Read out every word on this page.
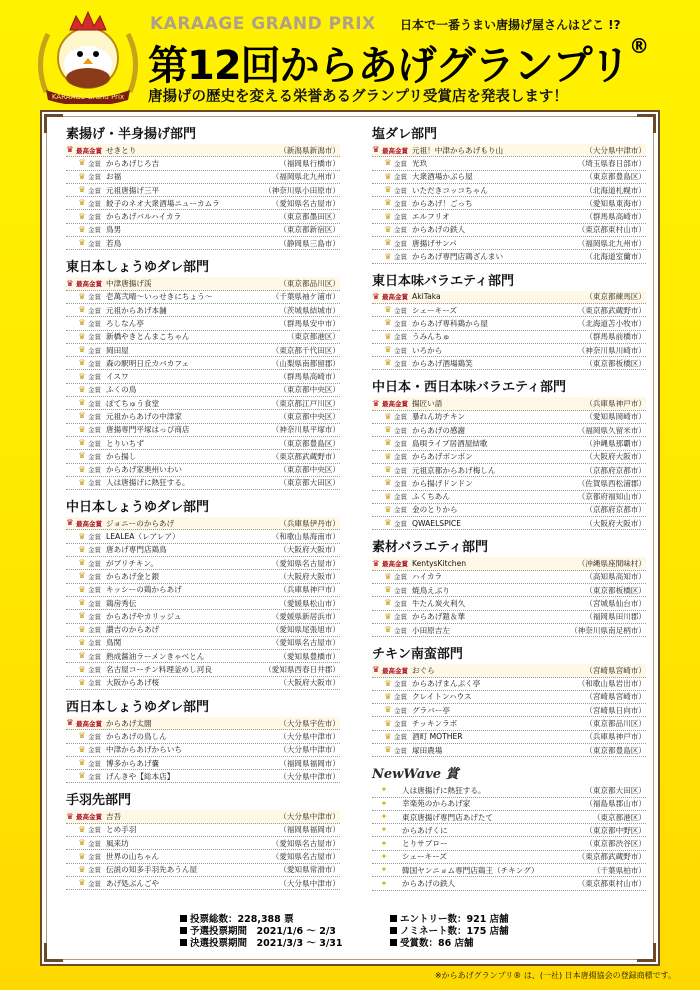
KARAAGE Grand Prix
KARAAGE GRAND PRIX 日本で一番うまい唐揚げ屋さんはどこ !?
第12回からあげグランプリ®
唐揚げの歴史を変える栄誉あるグランプリ受賞店を発表します！
素揚げ・半身揚げ部門
♛ 最高金賞 せきとり	（新潟県新潟市）
♛ 金賞 からあげじろ吉	（福岡県行橋市）
♛ 金賞 お福	（福岡県北九州市）
♛ 金賞 元祖唐揚げ三平	（神奈川県小田原市）
♛ 金賞 餃子のネオ大衆酒場ニューカムラ	（愛知県名古屋市）
♛ 金賞 からあげバルハイカラ	（東京都墨田区）
♛ 金賞 鳥男	（東京都新宿区）
♛ 金賞 若鳥	（静岡県三島市）
東日本しょうゆダレ部門
♛ 最高金賞 中津唐揚げ渓	（東京都品川区）
♛ 金賞 壱萬弐晴～いっせきにちょう～	（千葉県袖ケ浦市）
♛ 金賞 元祖からあげ本舗	（茨城県結城市）
♛ 金賞 ろしなん亭	（群馬県安中市）
♛ 金賞 新橋やきとんまこちゃん	（東京都港区）
♛ 金賞 岡田屋	（東京都千代田区）
♛ 金賞 森の駅明日丘カバカフェ	（山梨県南都留郡）
♛ 金賞 イスワ	（群馬県高崎市）
♛ 金賞 ふくの鳥	（東京都中央区）
♛ 金賞 ぽてちゅう食堂	（東京都江戸川区）
♛ 金賞 元祖からあげの中津家	（東京都中央区）
♛ 金賞 唐揚専門平塚はっぴ商店	（神奈川県平塚市）
♛ 金賞 とりいちず	（東京都豊島区）
♛ 金賞 から揚し	（東京都武蔵野市）
♛ 金賞 からあげ家奥州いわい	（東京都中央区）
♛ 金賞 人は唐揚げに熱狂する。	（東京都大田区）
中日本しょうゆダレ部門
♛ 最高金賞 ジョニーのからあげ	（兵庫県伊丹市）
♛ 金賞 LEALEA（レアレア）	（和歌山県海南市）
♛ 金賞 唐あげ専門店鶏鳥	（大阪府大阪市）
♛ 金賞 がブリチキン。	（愛知県名古屋市）
♛ 金賞 からあげ金と銀	（大阪府大阪市）
♛ 金賞 キッシーの鶏からあげ	（兵庫県神戸市）
♛ 金賞 鶏房秀伝	（愛媛県松山市）
♛ 金賞 からあげやカリッジュ	（愛媛県新居浜市）
♛ 金賞 讃吉のからあげ	（愛知県尾張旭市）
♛ 金賞 鳥関	（愛知県名古屋市）
♛ 金賞 熟成醤油ラーメンきゃべとん	（愛知県豊橋市）
♛ 金賞 名古屋コーチン料理釜めし河良	（愛知県西春日井郡）
♛ 金賞 大阪からあげ桜	（大阪府大阪市）
西日本しょうゆダレ部門
♛ 最高金賞 からあげ太閤	（大分県宇佐市）
♛ 金賞 からあげの鳥しん	（大分県中津市）
♛ 金賞 中津からあげからいち	（大分県中津市）
♛ 金賞 博多からあげ嚢	（福岡県福岡市）
♛ 金賞 げんきや【総本店】	（大分県中津市）
手羽先部門
♛ 最高金賞 吉吾	（大分県中津市）
♛ 金賞 とめ手羽	（福岡県福岡市）
♛ 金賞 風来坊	（愛知県名古屋市）
♛ 金賞 世界の山ちゃん	（愛知県名古屋市）
♛ 金賞 伝説の知多手羽先あうん屋	（愛知県常滑市）
♛ 金賞 あげ処ぶんごや	（大分県中津市）
塩ダレ部門
♛ 最高金賞 元祖！中津からあげもり山	（大分県中津市）
♛ 金賞 光玖	（埼玉県春日部市）
♛ 金賞 大衆酒場かぶら屋	（東京都豊島区）
♛ 金賞 いただきコッコちゃん	（北海道札幌市）
♛ 金賞 からあげ！ごっち	（愛知県東海市）
♛ 金賞 エルフリオ	（群馬県高崎市）
♛ 金賞 からあげの鉄人	（東京都東村山市）
♛ 金賞 唐揚げサンパ	（福岡県北九州市）
♛ 金賞 からあげ専門店鶏ざんまい	（北海道室蘭市）
東日本味バラエティ部門
♛ 最高金賞 AkiTaka	（東京都練馬区）
♛ 金賞 シェーキーズ	（東京都武蔵野市）
♛ 金賞 からあげ専科鶏から屋	（北海道苫小牧市）
♛ 金賞 うみんちゅ	（群馬県前橋市）
♛ 金賞 いろから	（神奈川県川崎市）
♛ 金賞 からあげ酒場鶏笑	（東京都板橋区）
中日本・西日本味バラエティ部門
♛ 最高金賞 揚匠い語	（兵庫県神戸市）
♛ 金賞 暴れん坊チキン	（愛知県岡崎市）
♛ 金賞 からあげの感謝	（福岡県久留米市）
♛ 金賞 島唄ライブ居酒屋結歌	（沖縄県那覇市）
♛ 金賞 からあげボンボン	（大阪府大阪市）
♛ 金賞 元祖京都からあげ梅しん	（京都府京都市）
♛ 金賞 から揚げドンドン	（佐賀県西松浦郡）
♛ 金賞 ふくちあん	（京都府福知山市）
♛ 金賞 金のとりから	（京都府京都市）
♛ 金賞 QWAELSPICE	（大阪府大阪市）
素材バラエティ部門
♛ 最高金賞 KentysKitchen	（沖縄県座間味村）
♛ 金賞 ハイカラ	（高知県高知市）
♛ 金賞 焼鳥えぶり	（東京都板橋区）
♛ 金賞 牛たん炭火利久	（宮城県仙台市）
♛ 金賞 からあげ鎧＆華	（福岡県田川郡）
♛ 金賞 小田原吉左	（神奈川県南足柄市）
チキン南蛮部門
♛ 最高金賞 おぐら	（宮崎県宮崎市）
♛ 金賞 からあげまんぷく亭	（和歌山県岩出市）
♛ 金賞 クレイトンハウス	（宮崎県宮崎市）
♛ 金賞 グラバー亭	（宮崎県日向市）
♛ 金賞 チッキンラボ	（東京都品川区）
♛ 金賞 酒町 MOTHER	（兵庫県神戸市）
♛ 金賞 塚田農場	（東京都豊島区）
NewWave 賞
✦ 人は唐揚げに熱狂する。	（東京都大田区）
✦ 幸楽苑のからあげ家	（福島県郡山市）
✦ 東京唐揚げ専門店あげたて	（東京都港区）
✦ からあげくに	（東京都中野区）
✦ とりサブロー	（東京都渋谷区）
✦ シェーキーズ	（東京都武蔵野市）
✦ 韓国ヤンニョム専門店鶏王（チキング）	（千葉県柏市）
✦ からあげの鉄人	（東京都東村山市）
投票総数：228,388 票
予選投票期間　2021/1/6 ～ 2/3
決選投票期間　2021/3/3 ～ 3/31
エントリー数：921 店舗
ノミネート数：175 店舗
受賞数：86 店舗
※からあげグランプリ® は、(一社) 日本唐揚協会の登録商標です。
